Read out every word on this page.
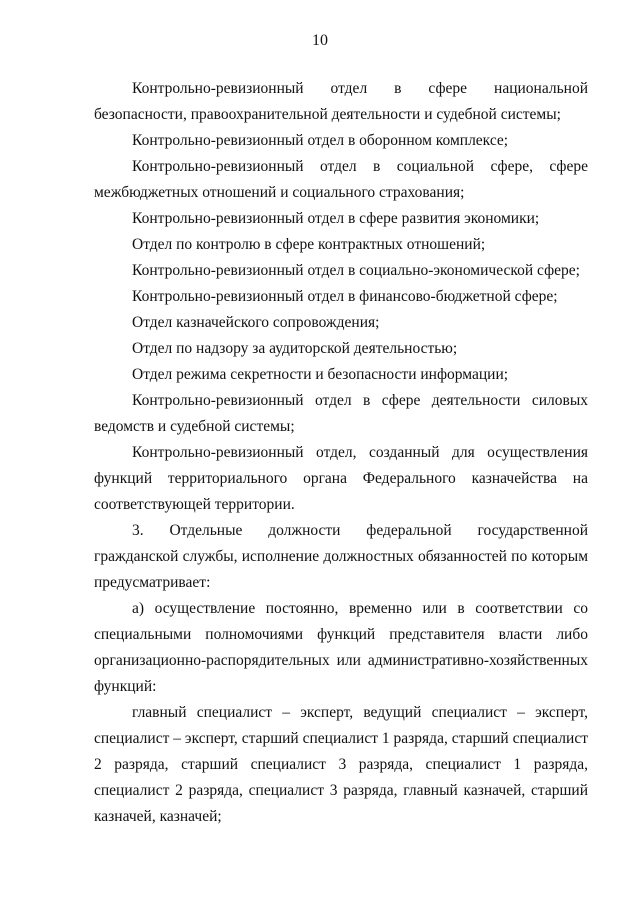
10

Контрольно-ревизионный отдел в сфере национальной безопасности, правоохранительной деятельности и судебной системы;

Контрольно-ревизионный отдел в оборонном комплексе;

Контрольно-ревизионный отдел в социальной сфере, сфере межбюджетных отношений и социального страхования;

Контрольно-ревизионный отдел в сфере развития экономики;

Отдел по контролю в сфере контрактных отношений;

Контрольно-ревизионный отдел в социально-экономической сфере;

Контрольно-ревизионный отдел в финансово-бюджетной сфере;

Отдел казначейского сопровождения;

Отдел по надзору за аудиторской деятельностью;

Отдел режима секретности и безопасности информации;

Контрольно-ревизионный отдел в сфере деятельности силовых ведомств и судебной системы;

Контрольно-ревизионный отдел, созданный для осуществления функций территориального органа Федерального казначейства на соответствующей территории.

3. Отдельные должности федеральной государственной гражданской службы, исполнение должностных обязанностей по которым предусматривает:

а) осуществление постоянно, временно или в соответствии со специальными полномочиями функций представителя власти либо организационно-распорядительных или административно-хозяйственных функций:

главный специалист – эксперт, ведущий специалист – эксперт, специалист – эксперт, старший специалист 1 разряда, старший специалист 2 разряда, старший специалист 3 разряда, специалист 1 разряда, специалист 2 разряда, специалист 3 разряда, главный казначей, старший казначей, казначей;
